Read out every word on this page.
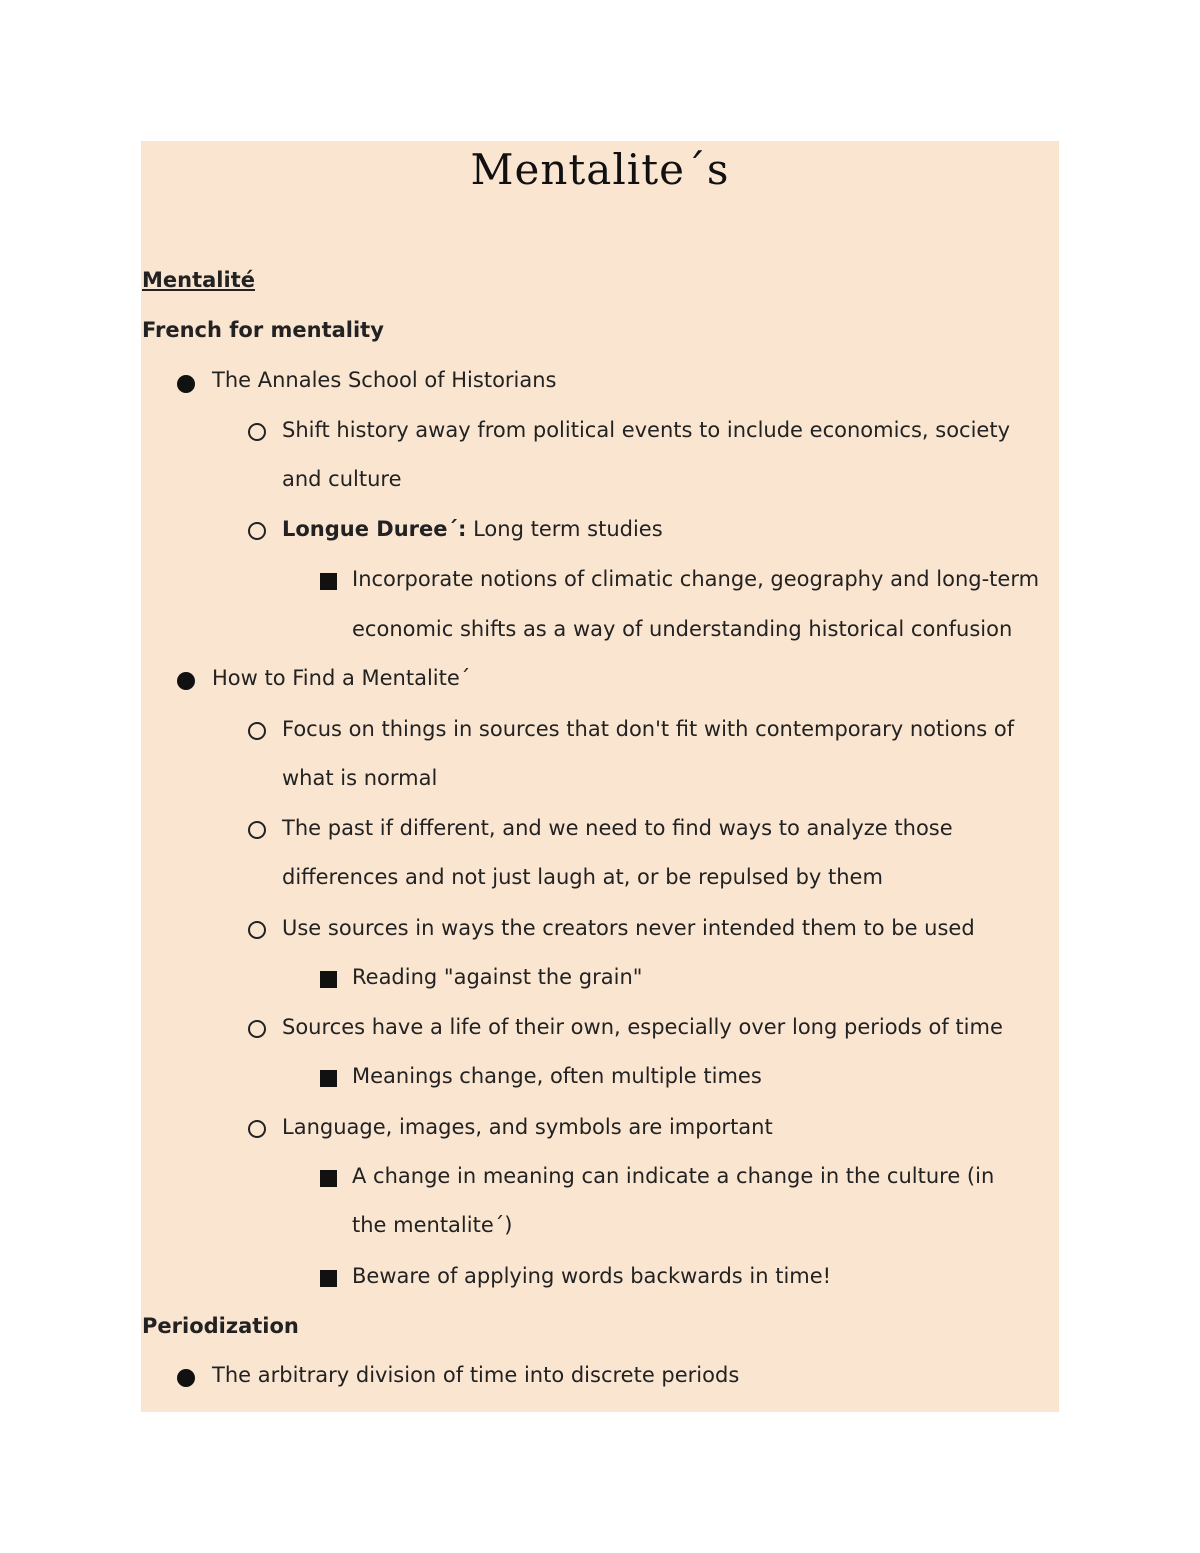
Mentalite´s
Mentalité
French for mentality
The Annales School of Historians
Shift history away from political events to include economics, society
and culture
Longue Duree´: Long term studies
Incorporate notions of climatic change, geography and long-term
economic shifts as a way of understanding historical confusion
How to Find a Mentalite´
Focus on things in sources that don't fit with contemporary notions of
what is normal
The past if different, and we need to find ways to analyze those
differences and not just laugh at, or be repulsed by them
Use sources in ways the creators never intended them to be used
Reading "against the grain"
Sources have a life of their own, especially over long periods of time
Meanings change, often multiple times
Language, images, and symbols are important
A change in meaning can indicate a change in the culture (in
the mentalite´)
Beware of applying words backwards in time!
Periodization
The arbitrary division of time into discrete periods
